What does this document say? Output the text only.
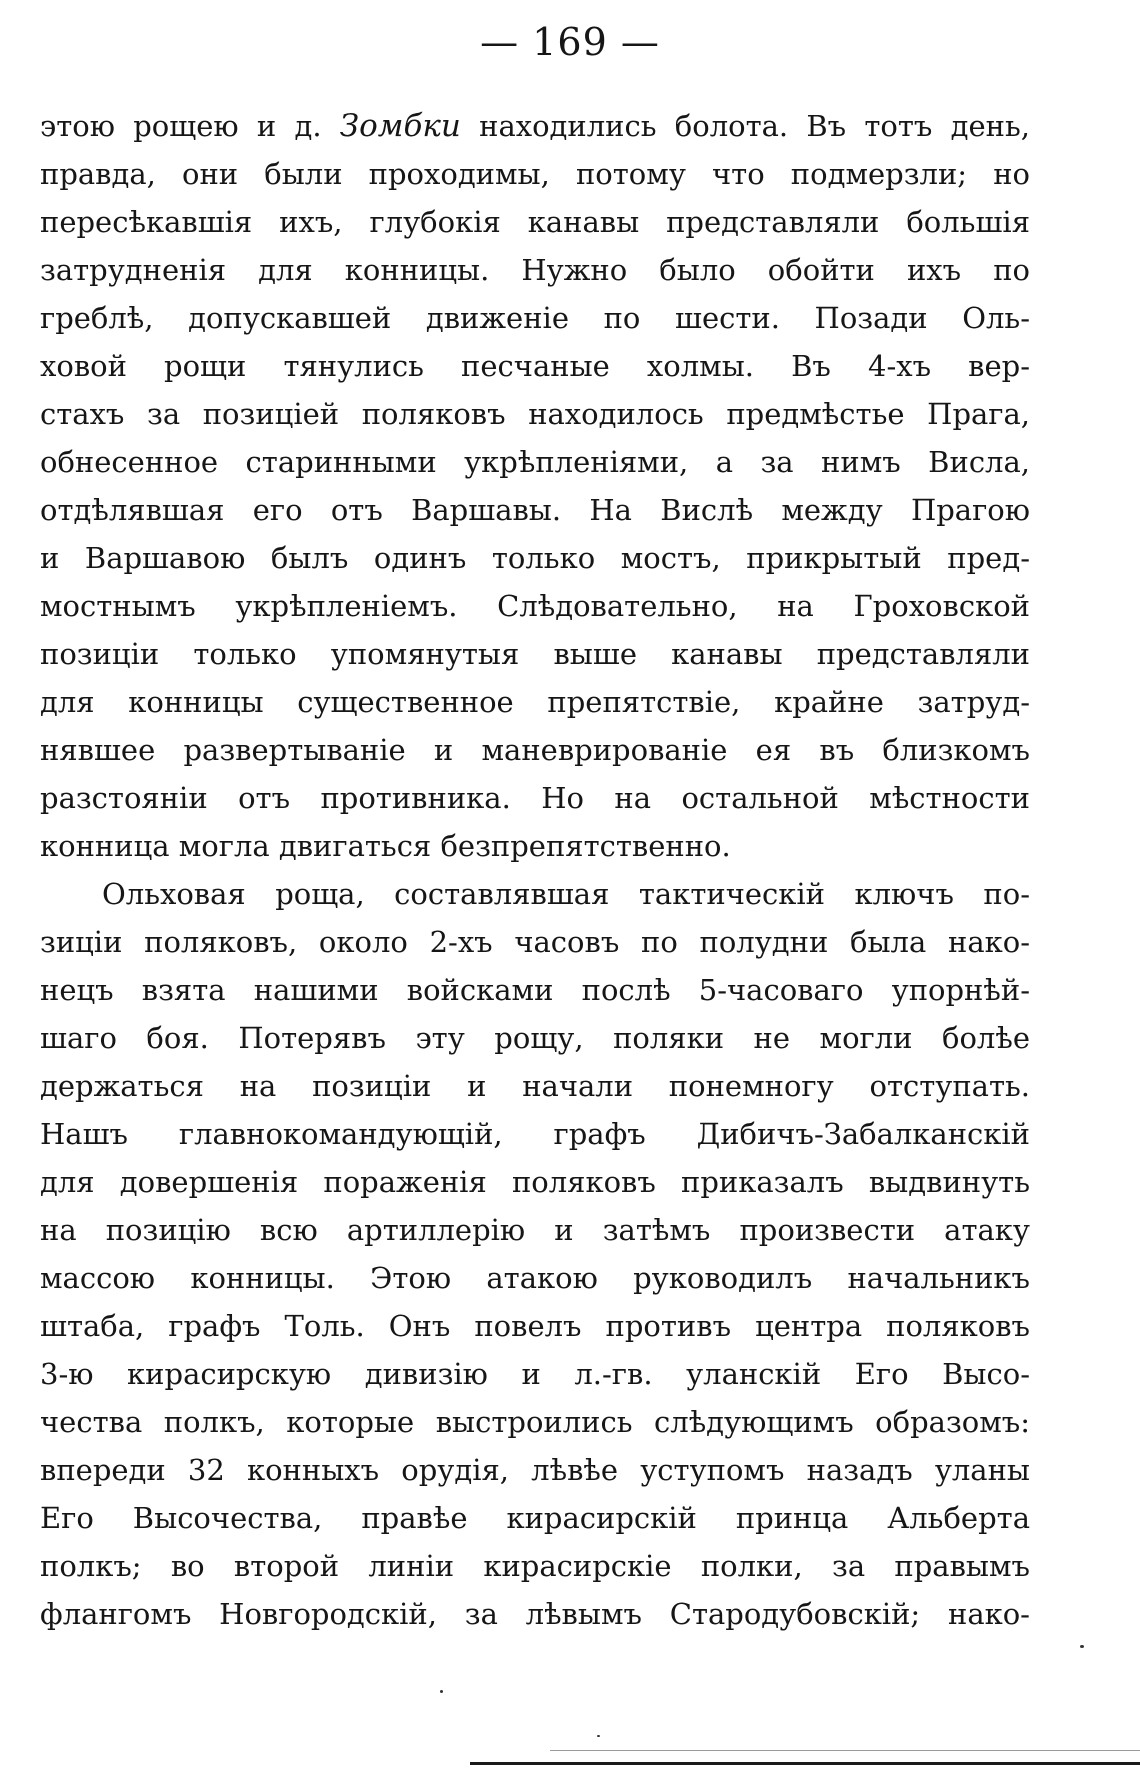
— 169 —
этою рощею и д. Зомбки находились болота. Въ тотъ день,
правда, они были проходимы, потому что подмерзли; но
пересѣкавшія ихъ, глубокія канавы представляли большія
затрудненія для конницы. Нужно было обойти ихъ по
греблѣ, допускавшей движеніе по шести. Позади Оль-
ховой рощи тянулись песчаные холмы. Въ 4-хъ вер-
стахъ за позиціей поляковъ находилось предмѣстье Прага,
обнесенное старинными укрѣпленіями, а за нимъ Висла,
отдѣлявшая его отъ Варшавы. На Вислѣ между Прагою
и Варшавою былъ одинъ только мостъ, прикрытый пред-
мостнымъ укрѣпленіемъ. Слѣдовательно, на Гроховской
позиціи только упомянутыя выше канавы представляли
для конницы существенное препятствіе, крайне затруд-
нявшее развертываніе и маневрированіе ея въ близкомъ
разстояніи отъ противника. Но на остальной мѣстности
конница могла двигаться безпрепятственно.
Ольховая роща, составлявшая тактическій ключъ по-
зиціи поляковъ, около 2-хъ часовъ по полудни была нако-
нецъ взята нашими войсками послѣ 5-часоваго упорнѣй-
шаго боя. Потерявъ эту рощу, поляки не могли болѣе
держаться на позиціи и начали понемногу отступать.
Нашъ главнокомандующій, графъ Дибичъ-Забалканскій
для довершенія пораженія поляковъ приказалъ выдвинуть
на позицію всю артиллерію и затѣмъ произвести атаку
массою конницы. Этою атакою руководилъ начальникъ
штаба, графъ Толь. Онъ повелъ противъ центра поляковъ
3-ю кирасирскую дивизію и л.-гв. уланскій Его Высо-
чества полкъ, которые выстроились слѣдующимъ образомъ:
впереди 32 конныхъ орудія, лѣвѣе уступомъ назадъ уланы
Его Высочества, правѣе кирасирскій принца Альберта
полкъ; во второй линіи кирасирскіе полки, за правымъ
флангомъ Новгородскій, за лѣвымъ Стародубовскій; нако-
